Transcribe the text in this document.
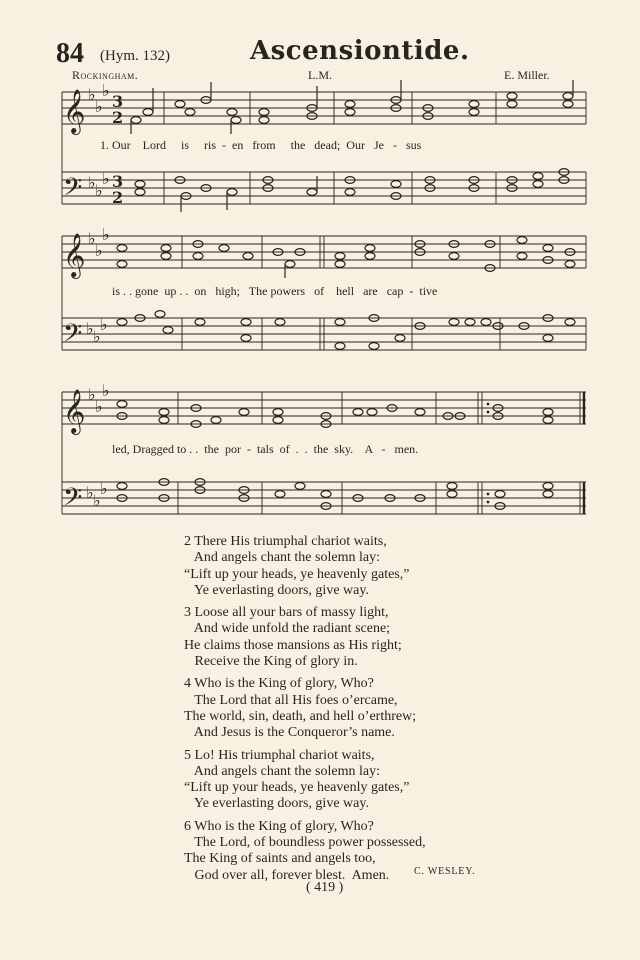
84 (Hym. 132)	Ascensiontide.
Rockingham.	L.M.	E. Miller.
𝄞
𝄢
𝄞
𝄢
𝄞
𝄢
♭
♭
♭
♭ ♭
♭
♭
♭
♭
♭ ♭
♭
♭
♭
♭
♭ ♭
♭
3
2
3
2
1. Our    Lord     is     ris  -  en   from     the   dead;  Our   Je   -   sus
is . . gone  up . .  on   high;   The powers   of    hell   are   cap  -  tive
led, Dragged to . .  the  por  -  tals  of  .  .  the  sky.    A   -   men.
2 There His triumphal chariot waits,
And angels chant the solemn lay:
“Lift up your heads, ye heavenly gates,”
Ye everlasting doors, give way.
3 Loose all your bars of massy light,
And wide unfold the radiant scene;
He claims those mansions as His right;
Receive the King of glory in.
4 Who is the King of glory, Who?
The Lord that all His foes o’ercame,
The world, sin, death, and hell o’erthrew;
And Jesus is the Conqueror’s name.
5 Lo! His triumphal chariot waits,
And angels chant the solemn lay:
“Lift up your heads, ye heavenly gates,”
Ye everlasting doors, give way.
6 Who is the King of glory, Who?
The Lord, of boundless power possessed,
The King of saints and angels too,
God over all, forever blest.  Amen.	C. WESLEY.
( 419 )
